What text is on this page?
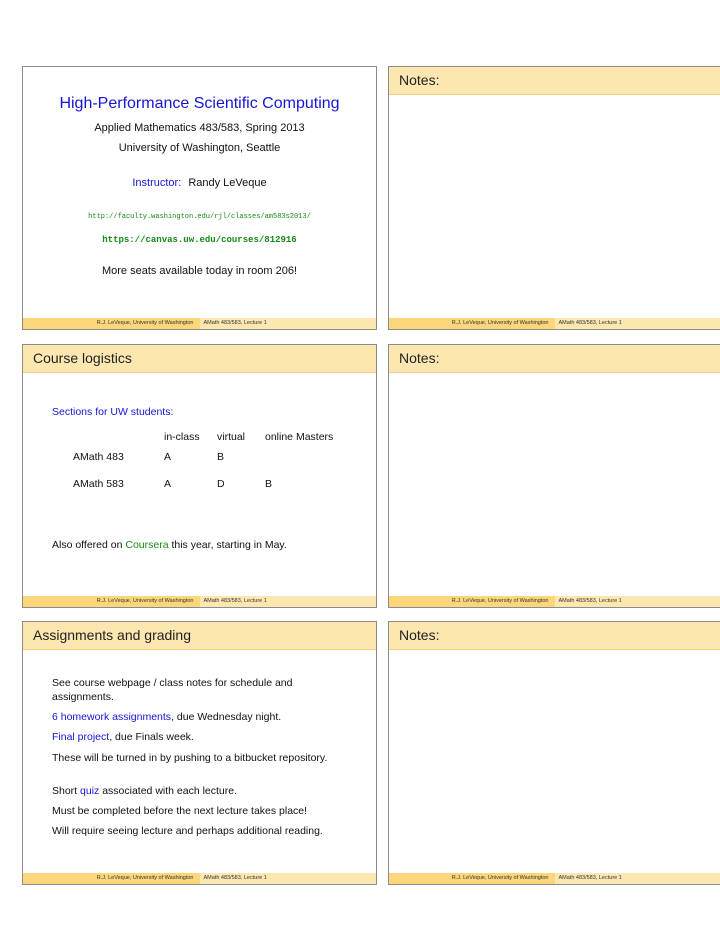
High-Performance Scientific Computing
Applied Mathematics 483/583, Spring 2013
University of Washington, Seattle
Instructor: Randy LeVeque
http://faculty.washington.edu/rjl/classes/am583s2013/
https://canvas.uw.edu/courses/812916
More seats available today in room 206!
R.J. LeVeque, University of Washington	AMath 483/583, Lecture 1
Notes:
R.J. LeVeque, University of Washington	AMath 483/583, Lecture 1
Course logistics
Sections for UW students:
	in-class	virtual	online Masters
AMath 483	A	B	
AMath 583	A	D	B
Also offered on Coursera this year, starting in May.
R.J. LeVeque, University of Washington	AMath 483/583, Lecture 1
Notes:
R.J. LeVeque, University of Washington	AMath 483/583, Lecture 1
Assignments and grading
See course webpage / class notes for schedule and
assignments.
6 homework assignments, due Wednesday night.
Final project, due Finals week.
These will be turned in by pushing to a bitbucket repository.
Short quiz associated with each lecture.
Must be completed before the next lecture takes place!
Will require seeing lecture and perhaps additional reading.
R.J. LeVeque, University of Washington	AMath 483/583, Lecture 1
Notes:
R.J. LeVeque, University of Washington	AMath 483/583, Lecture 1
